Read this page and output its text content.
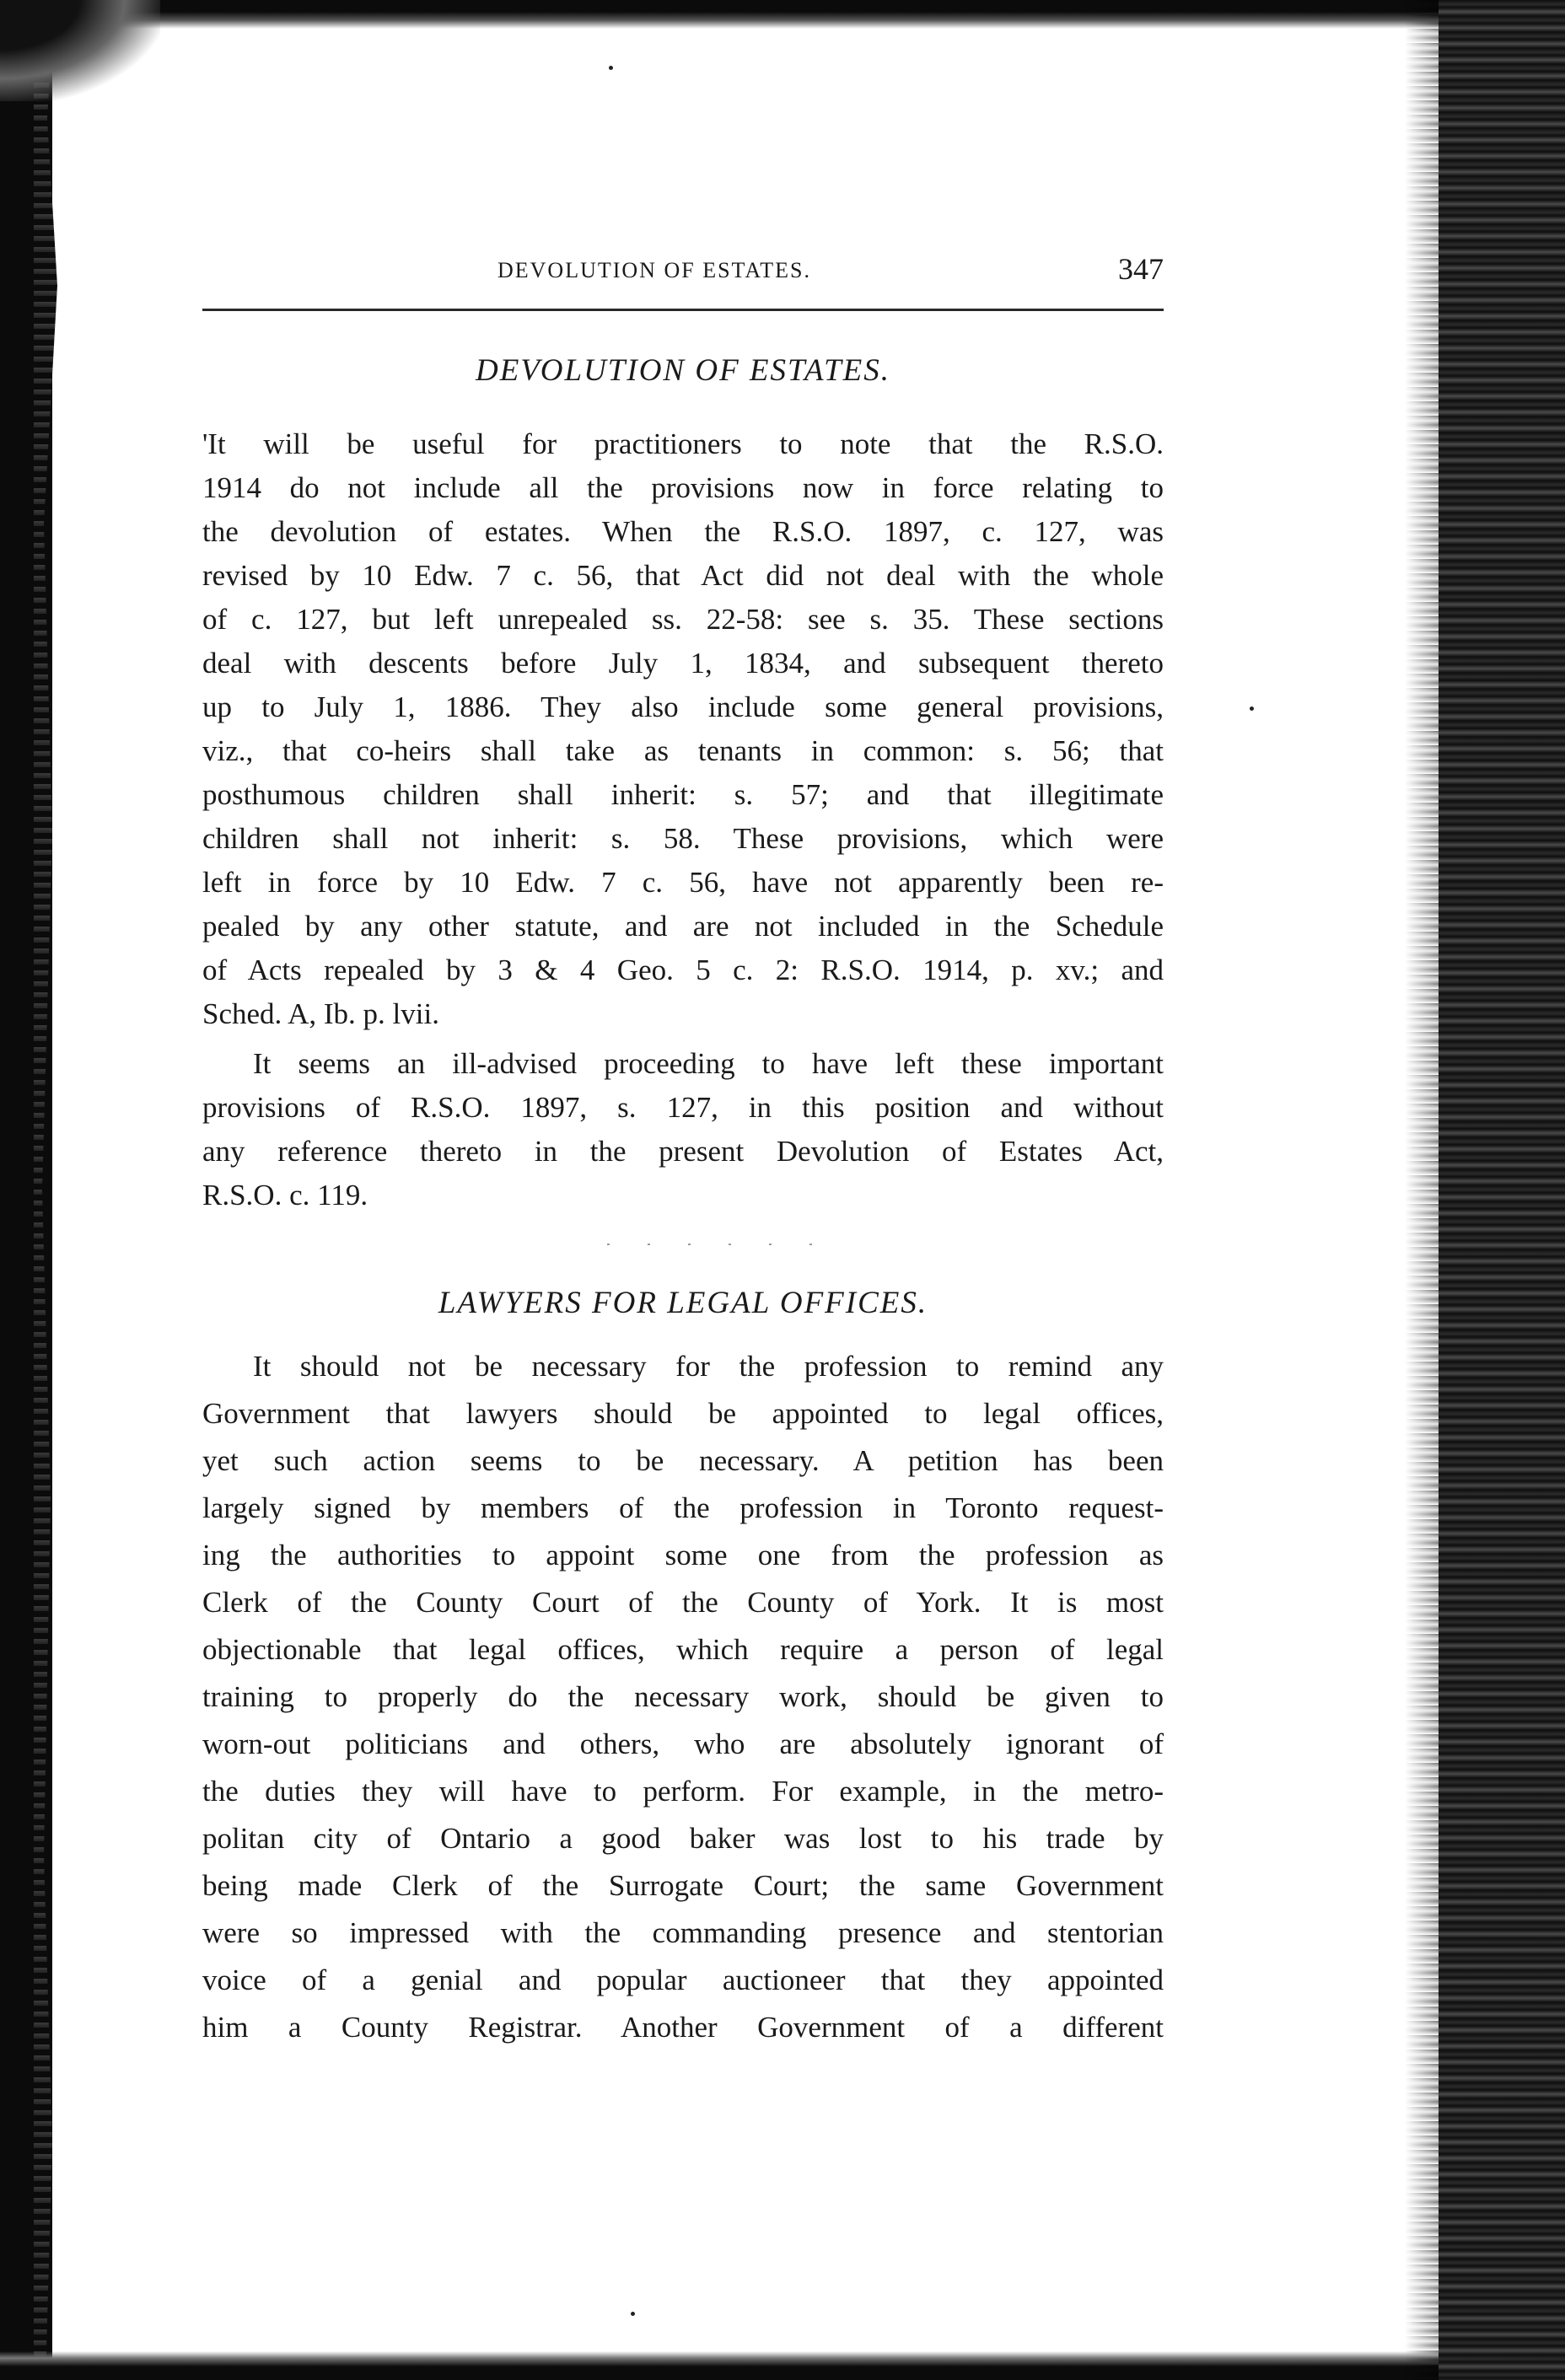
DEVOLUTION OF ESTATES.	347
DEVOLUTION OF ESTATES.
'It will be useful for practitioners to note that the R.S.O.
1914 do not include all the provisions now in force relating to
the devolution of estates. When the R.S.O. 1897, c. 127, was
revised by 10 Edw. 7 c. 56, that Act did not deal with the whole
of c. 127, but left unrepealed ss. 22-58: see s. 35. These sections
deal with descents before July 1, 1834, and subsequent thereto
up to July 1, 1886. They also include some general provisions,
viz., that co-heirs shall take as tenants in common: s. 56; that
posthumous children shall inherit: s. 57; and that illegitimate
children shall not inherit: s. 58. These provisions, which were
left in force by 10 Edw. 7 c. 56, have not apparently been re-
pealed by any other statute, and are not included in the Schedule
of Acts repealed by 3 & 4 Geo. 5 c. 2: R.S.O. 1914, p. xv.; and
Sched. A, Ib. p. lvii.
It seems an ill-advised proceeding to have left these important
provisions of R.S.O. 1897, s. 127, in this position and without
any reference thereto in the present Devolution of Estates Act,
R.S.O. c. 119.
LAWYERS FOR LEGAL OFFICES.
It should not be necessary for the profession to remind any
Government that lawyers should be appointed to legal offices,
yet such action seems to be necessary. A petition has been
largely signed by members of the profession in Toronto request-
ing the authorities to appoint some one from the profession as
Clerk of the County Court of the County of York. It is most
objectionable that legal offices, which require a person of legal
training to properly do the necessary work, should be given to
worn-out politicians and others, who are absolutely ignorant of
the duties they will have to perform. For example, in the metro-
politan city of Ontario a good baker was lost to his trade by
being made Clerk of the Surrogate Court; the same Government
were so impressed with the commanding presence and stentorian
voice of a genial and popular auctioneer that they appointed
him a County Registrar. Another Government of a different
